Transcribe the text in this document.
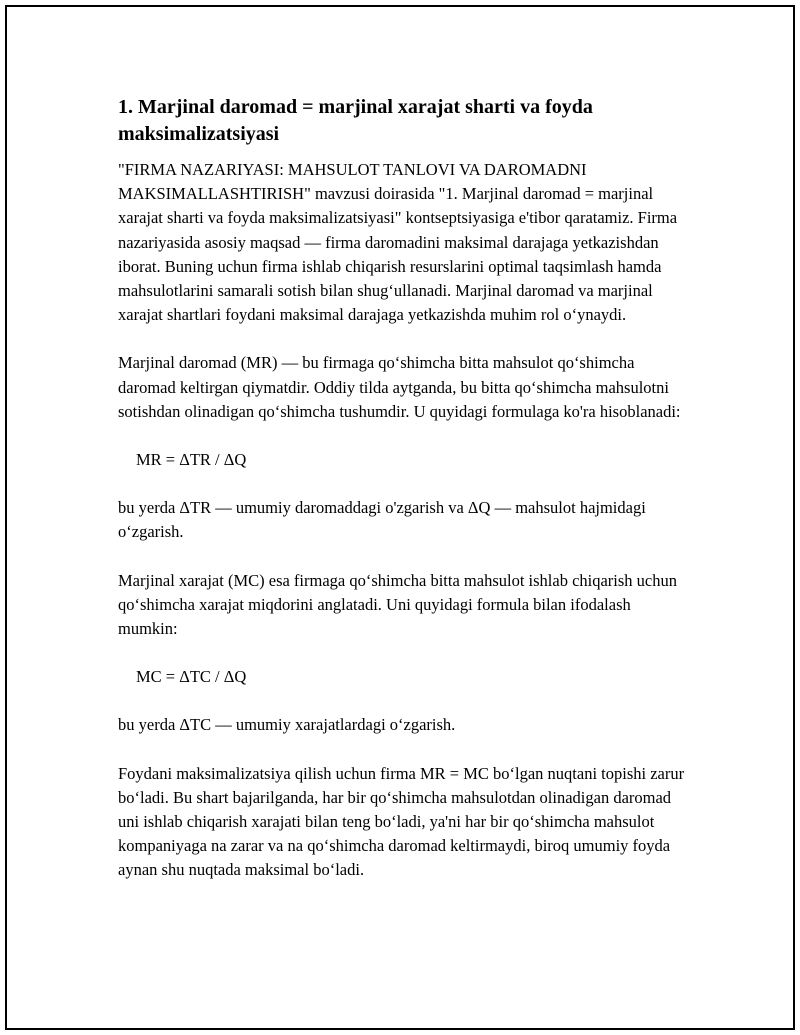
1. Marjinal daromad = marjinal xarajat sharti va foyda maksimalizatsiyasi

"FIRMA NAZARIYASI: MAHSULOT TANLOVI VA DAROMADNI MAKSIMALLASHTIRISH" mavzusi doirasida "1. Marjinal daromad = marjinal xarajat sharti va foyda maksimalizatsiyasi" kontseptsiyasiga e'tibor qaratamiz. Firma nazariyasida asosiy maqsad — firma daromadini maksimal darajaga yetkazishdan iborat. Buning uchun firma ishlab chiqarish resurslarini optimal taqsimlash hamda mahsulotlarini samarali sotish bilan shug‘ullanadi. Marjinal daromad va marjinal xarajat shartlari foydani maksimal darajaga yetkazishda muhim rol o‘ynaydi.

Marjinal daromad (MR) — bu firmaga qo‘shimcha bitta mahsulot qo‘shimcha daromad keltirgan qiymatdir. Oddiy tilda aytganda, bu bitta qo‘shimcha mahsulotni sotishdan olinadigan qo‘shimcha tushumdir. U quyidagi formulaga ko'ra hisoblanadi:

MR = ΔTR / ΔQ

bu yerda ΔTR — umumiy daromaddagi o'zgarish va ΔQ — mahsulot hajmidagi o‘zgarish.

Marjinal xarajat (MC) esa firmaga qo‘shimcha bitta mahsulot ishlab chiqarish uchun qo‘shimcha xarajat miqdorini anglatadi. Uni quyidagi formula bilan ifodalash mumkin:

MC = ΔTC / ΔQ

bu yerda ΔTC — umumiy xarajatlardagi o‘zgarish.

Foydani maksimalizatsiya qilish uchun firma MR = MC bo‘lgan nuqtani topishi zarur bo‘ladi. Bu shart bajarilganda, har bir qo‘shimcha mahsulotdan olinadigan daromad uni ishlab chiqarish xarajati bilan teng bo‘ladi, ya'ni har bir qo‘shimcha mahsulot kompaniyaga na zarar va na qo‘shimcha daromad keltirmaydi, biroq umumiy foyda aynan shu nuqtada maksimal bo‘ladi.
